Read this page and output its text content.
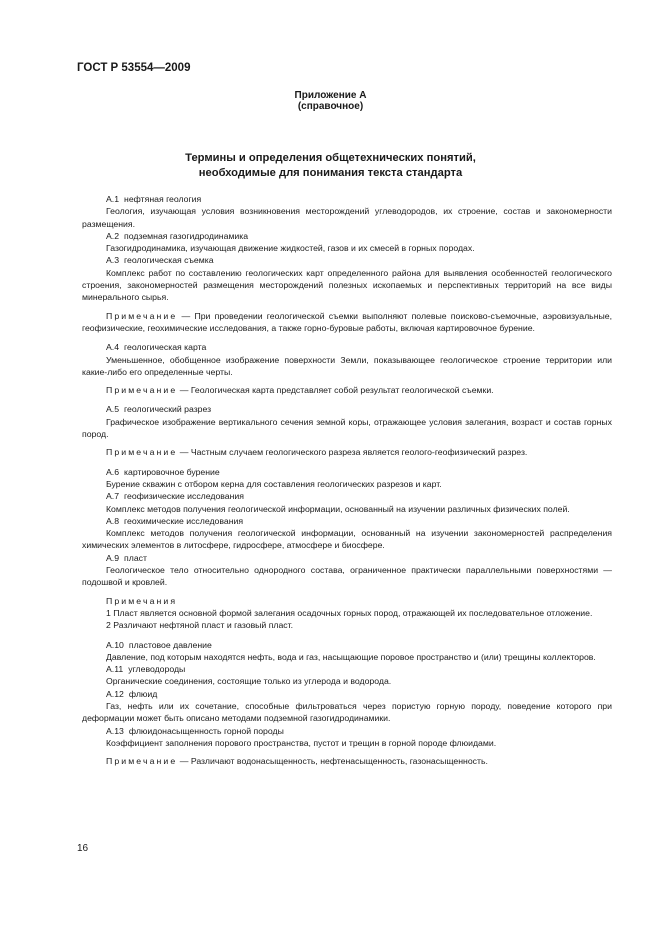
ГОСТ Р 53554—2009
Приложение А
(справочное)
Термины и определения общетехнических понятий,
необходимые для понимания текста стандарта

А.1 нефтяная геология

Геология, изучающая условия возникновения месторождений углеводородов, их строение, состав и закономерности размещения.

А.2 подземная газогидродинамика

Газогидродинамика, изучающая движение жидкостей, газов и их смесей в горных породах.

А.3 геологическая съемка

Комплекс работ по составлению геологических карт определенного района для выявления особенностей геологического строения, закономерностей размещения месторождений полезных ископаемых и перспективных территорий на все виды минерального сырья.

Примечание — При проведении геологической съемки выполняют полевые поисково-съемочные, аэровизуальные, геофизические, геохимические исследования, а также горно-буровые работы, включая картировочное бурение.

А.4 геологическая карта

Уменьшенное, обобщенное изображение поверхности Земли, показывающее геологическое строение территории или какие-либо его определенные черты.

Примечание — Геологическая карта представляет собой результат геологической съемки.

А.5 геологический разрез

Графическое изображение вертикального сечения земной коры, отражающее условия залегания, возраст и состав горных пород.

Примечание — Частным случаем геологического разреза является геолого-геофизический разрез.

А.6 картировочное бурение

Бурение скважин с отбором керна для составления геологических разрезов и карт.

А.7 геофизические исследования

Комплекс методов получения геологической информации, основанный на изучении различных физических полей.

А.8 геохимические исследования

Комплекс методов получения геологической информации, основанный на изучении закономерностей распределения химических элементов в литосфере, гидросфере, атмосфере и биосфере.

А.9 пласт

Геологическое тело относительно однородного состава, ограниченное практически параллельными поверхностями — подошвой и кровлей.

Примечания

1 Пласт является основной формой залегания осадочных горных пород, отражающей их последовательное отложение.

2 Различают нефтяной пласт и газовый пласт.

А.10 пластовое давление

Давление, под которым находятся нефть, вода и газ, насыщающие поровое пространство и (или) трещины коллекторов.

А.11 углеводороды

Органические соединения, состоящие только из углерода и водорода.

А.12 флюид

Газ, нефть или их сочетание, способные фильтроваться через пористую горную породу, поведение которого при деформации может быть описано методами подземной газогидродинамики.

А.13 флюидонасыщенность горной породы

Коэффициент заполнения порового пространства, пустот и трещин в горной породе флюидами.

Примечание — Различают водонасыщенность, нефтенасыщенность, газонасыщенность.

16
